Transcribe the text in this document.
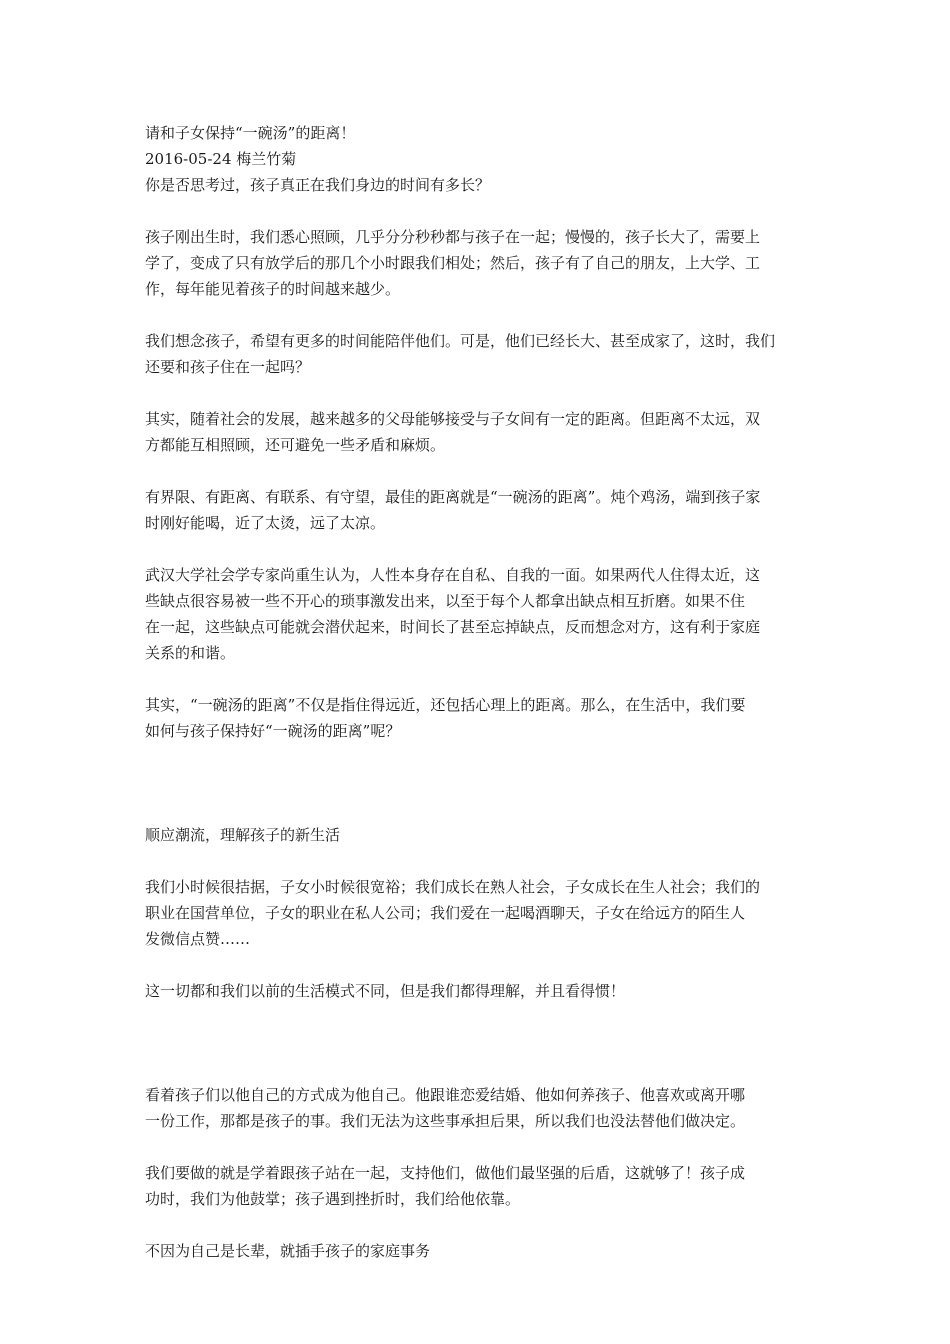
请和子女保持“一碗汤”的距离！

2016-05-24 梅兰竹菊

你是否思考过，孩子真正在我们身边的时间有多长？

孩子刚出生时，我们悉心照顾，几乎分分秒秒都与孩子在一起；慢慢的，孩子长大了，需要上

学了，变成了只有放学后的那几个小时跟我们相处；然后，孩子有了自己的朋友，上大学、工

作，每年能见着孩子的时间越来越少。

我们想念孩子，希望有更多的时间能陪伴他们。可是，他们已经长大、甚至成家了，这时，我们

还要和孩子住在一起吗？

其实，随着社会的发展，越来越多的父母能够接受与子女间有一定的距离。但距离不太远，双

方都能互相照顾，还可避免一些矛盾和麻烦。

有界限、有距离、有联系、有守望，最佳的距离就是“一碗汤的距离”。炖个鸡汤，端到孩子家

时刚好能喝，近了太烫，远了太凉。

武汉大学社会学专家尚重生认为，人性本身存在自私、自我的一面。如果两代人住得太近，这

些缺点很容易被一些不开心的琐事激发出来，以至于每个人都拿出缺点相互折磨。如果不住

在一起，这些缺点可能就会潜伏起来，时间长了甚至忘掉缺点，反而想念对方，这有利于家庭

关系的和谐。

其实，“一碗汤的距离”不仅是指住得远近，还包括心理上的距离。那么，在生活中，我们要

如何与孩子保持好“一碗汤的距离”呢？

顺应潮流，理解孩子的新生活

我们小时候很拮据，子女小时候很宽裕；我们成长在熟人社会，子女成长在生人社会；我们的

职业在国营单位，子女的职业在私人公司；我们爱在一起喝酒聊天，子女在给远方的陌生人

发微信点赞……

这一切都和我们以前的生活模式不同，但是我们都得理解，并且看得惯！

看着孩子们以他自己的方式成为他自己。他跟谁恋爱结婚、他如何养孩子、他喜欢或离开哪

一份工作，那都是孩子的事。我们无法为这些事承担后果，所以我们也没法替他们做决定。

我们要做的就是学着跟孩子站在一起，支持他们，做他们最坚强的后盾，这就够了！孩子成

功时，我们为他鼓掌；孩子遇到挫折时，我们给他依靠。

不因为自己是长辈，就插手孩子的家庭事务
